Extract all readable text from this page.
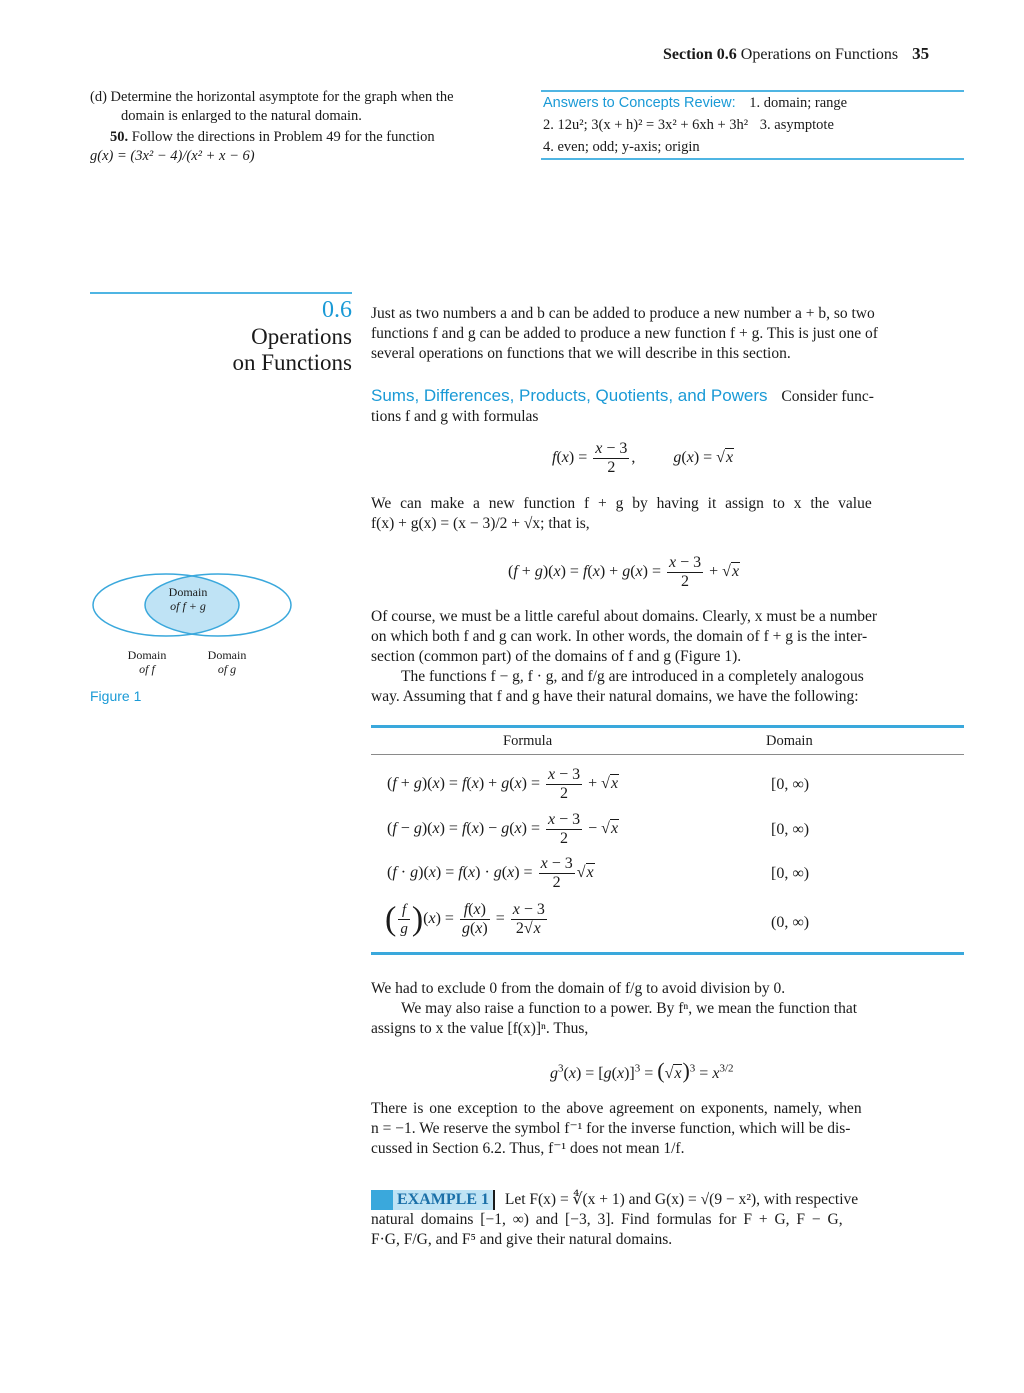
Section 0.6 Operations on Functions 35
(d) Determine the horizontal asymptote for the graph when the
domain is enlarged to the natural domain.
50. Follow the directions in Problem 49 for the function
g(x) = (3x² − 4)/(x² + x − 6)
Answers to Concepts Review: 1. domain; range
2. 12u²; 3(x + h)² = 3x² + 6xh + 3h² 3. asymptote
4. even; odd; y-axis; origin
0.6
Operations
on Functions
Just as two numbers a and b can be added to produce a new number a + b, so two
functions f and g can be added to produce a new function f + g. This is just one of
several operations on functions that we will describe in this section.
Sums, Differences, Products, Quotients, and Powers Consider func-
tions f and g with formulas
$f(x) = \frac{x - 3}{2}$ , g(x) = √x
We can make a new function f + g by having it assign to x the value
f(x) + g(x) = (x − 3)/2 + √x; that is,
$(f + g)(x) = f(x) + g(x) = \frac{x - 3}{2} + √x$
Domain
of f + g
Domain
of f
Domain
of g
Figure 1
Of course, we must be a little careful about domains. Clearly, x must be a number
on which both f and g can work. In other words, the domain of f + g is the inter-
section (common part) of the domains of f and g (Figure 1).
The functions f − g, f · g, and f/g are introduced in a completely analogous
way. Assuming that f and g have their natural domains, we have the following:
Formula	Domain
$(f + g)(x) = f(x) + g(x) = \frac{x - 3}{2} + √x$	[0, ∞)
$(f - g)(x) = f(x) - g(x) = \frac{x - 3}{2} - √x$	[0, ∞)
$(f \cdot g)(x) = f(x) \cdot g(x) = \frac{x - 3}{2} √x$	[0, ∞)
( $\frac{f}{g} )(x) = \frac{f(x)}{g(x)} = \frac{x - 3}{2√x}$	(0, ∞)
We had to exclude 0 from the domain of f/g to avoid division by 0.
We may also raise a function to a power. By fⁿ, we mean the function that
assigns to x the value [f(x)]ⁿ. Thus,
$g^3(x) = [g(x)]^3 = (√x)^3 = x^{3/2}$
There is one exception to the above agreement on exponents, namely, when
n = −1. We reserve the symbol f⁻¹ for the inverse function, which will be dis-
cussed in Section 6.2. Thus, f⁻¹ does not mean 1/f.
EXAMPLE 1 Let F(x) = ∜(x + 1) and G(x) = √(9 − x²), with respective
natural domains [−1, ∞) and [−3, 3]. Find formulas for F + G, F − G,
F·G, F/G, and F⁵ and give their natural domains.
